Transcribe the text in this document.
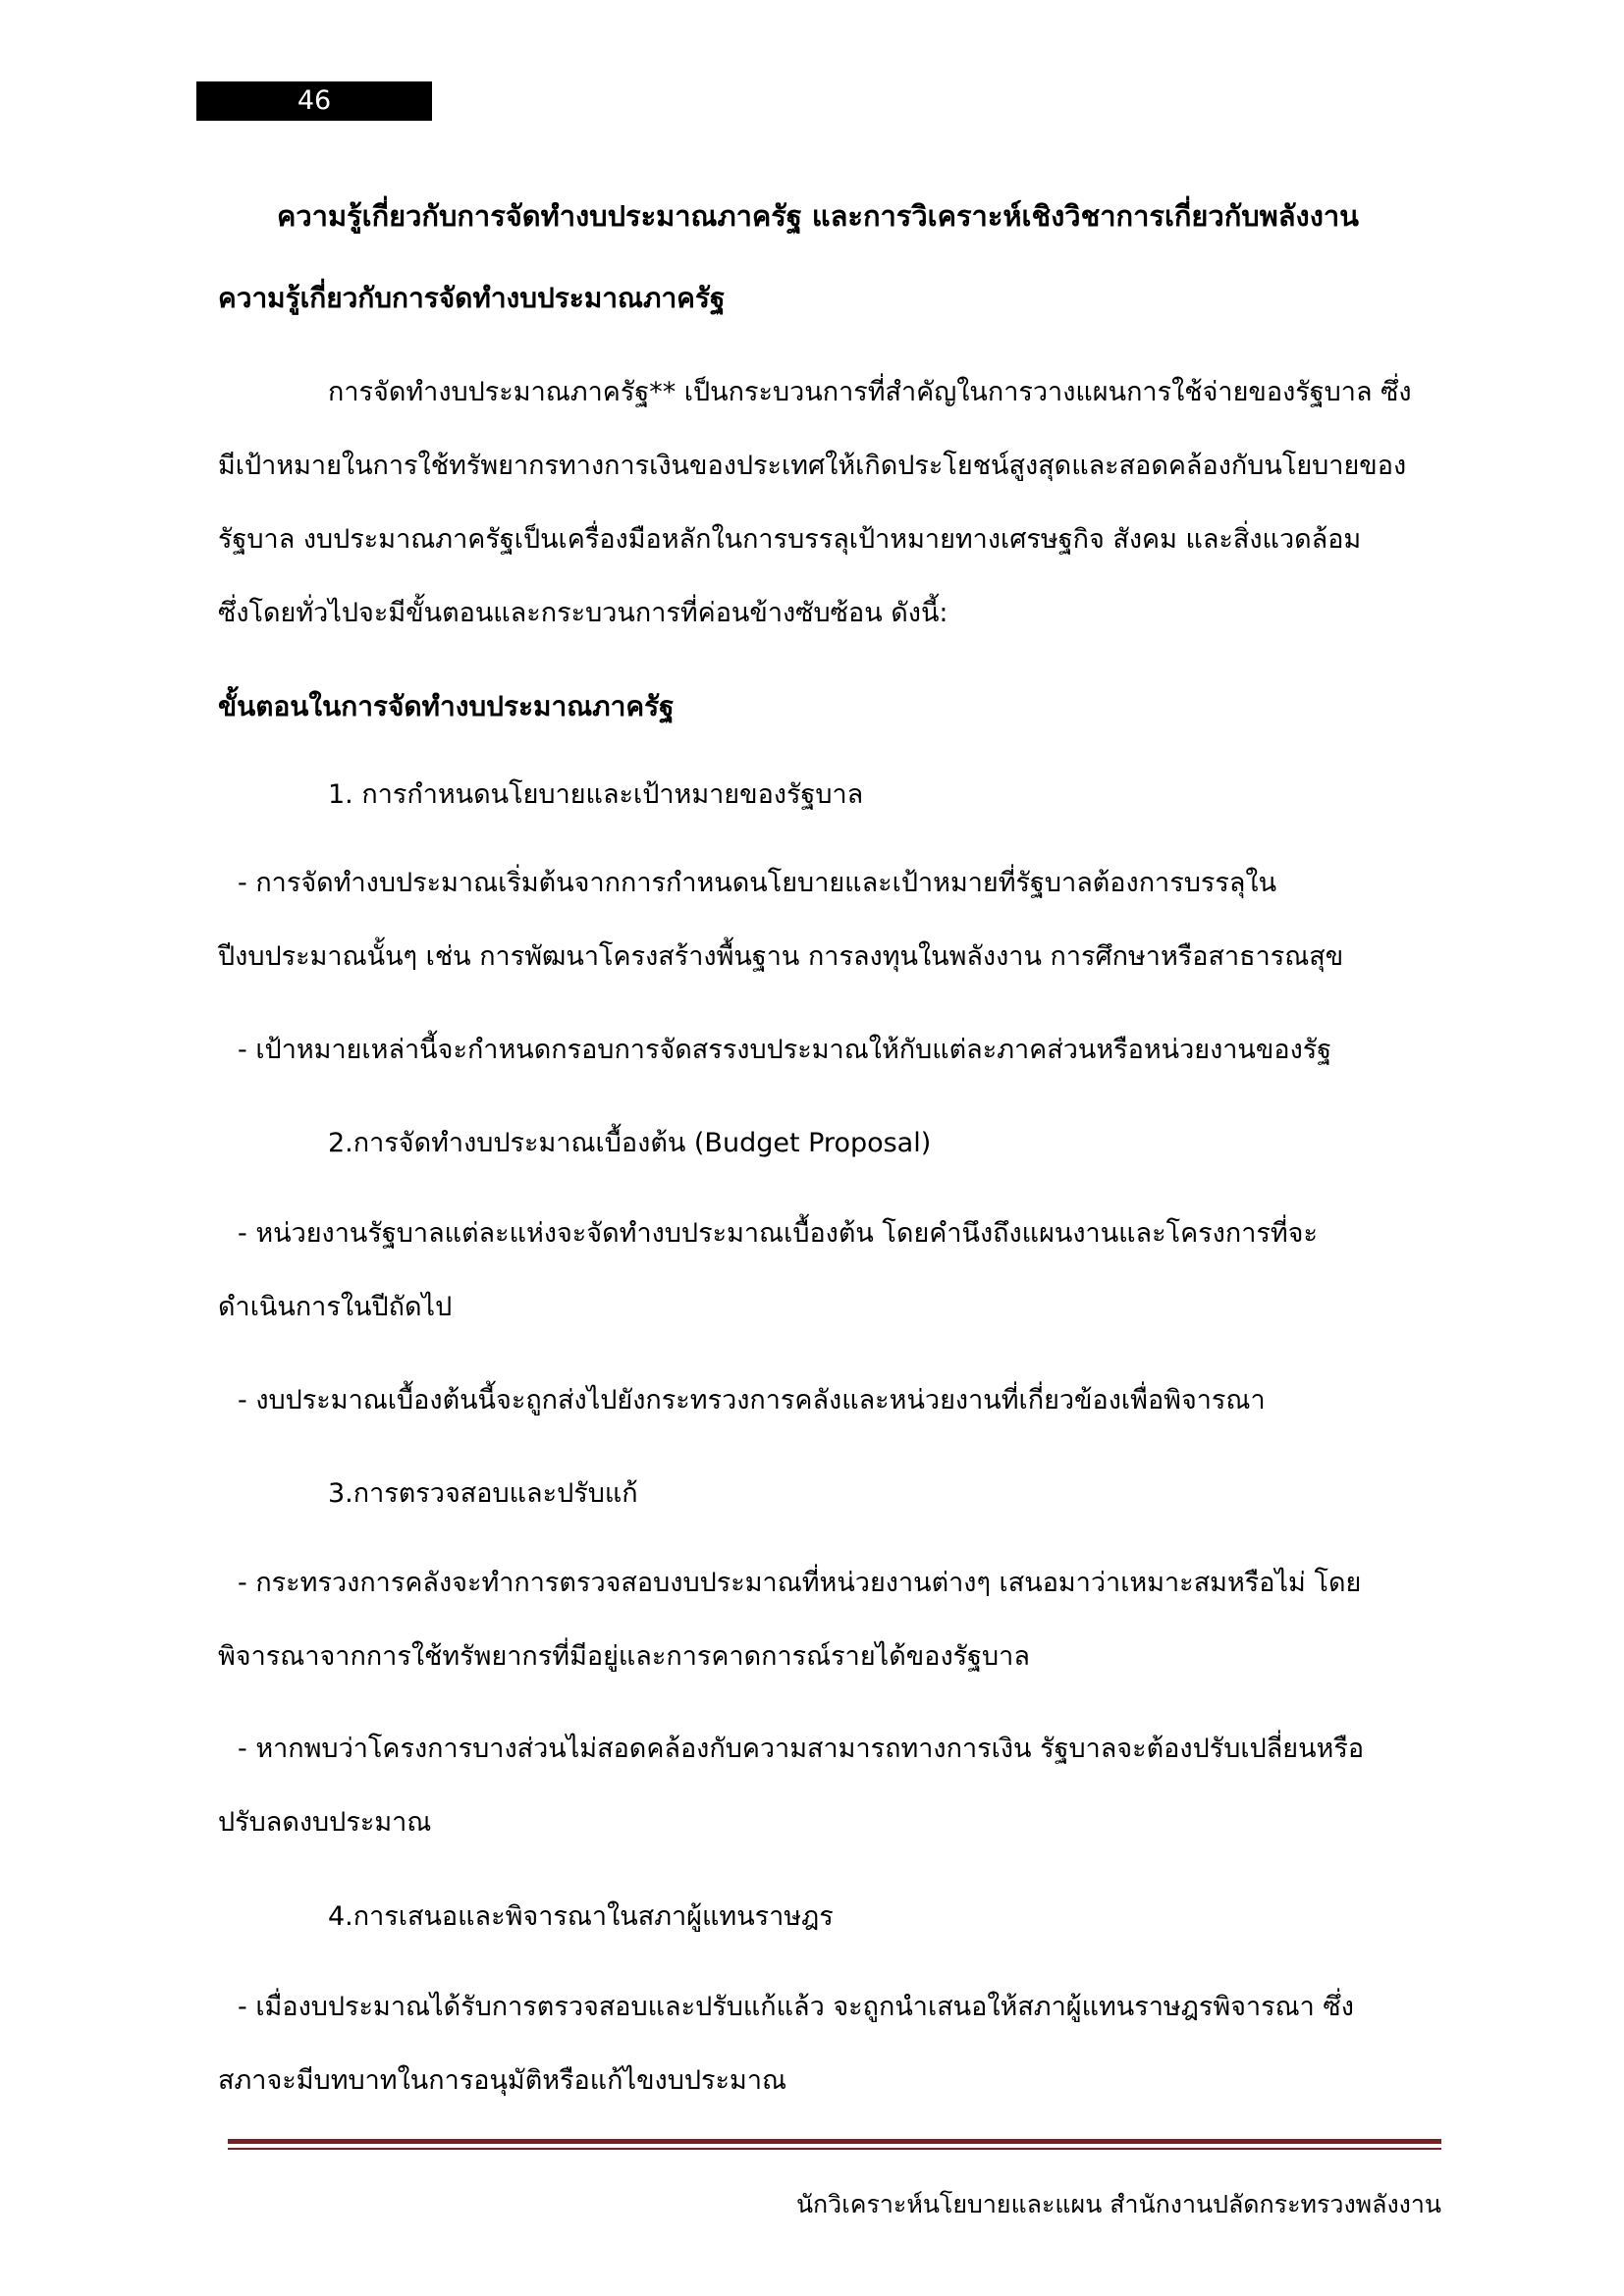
46
ความรู้เกี่ยวกับการจัดทำงบประมาณภาครัฐ และการวิเคราะห์เชิงวิชาการเกี่ยวกับพลังงาน
ความรู้เกี่ยวกับการจัดทำงบประมาณภาครัฐ
การจัดทำงบประมาณภาครัฐ** เป็นกระบวนการที่สำคัญในการวางแผนการใช้จ่ายของรัฐบาล ซึ่ง
มีเป้าหมายในการใช้ทรัพยากรทางการเงินของประเทศให้เกิดประโยชน์สูงสุดและสอดคล้องกับนโยบายของ
รัฐบาล งบประมาณภาครัฐเป็นเครื่องมือหลักในการบรรลุเป้าหมายทางเศรษฐกิจ สังคม และสิ่งแวดล้อม
ซึ่งโดยทั่วไปจะมีขั้นตอนและกระบวนการที่ค่อนข้างซับซ้อน ดังนี้:
ขั้นตอนในการจัดทำงบประมาณภาครัฐ
1. การกำหนดนโยบายและเป้าหมายของรัฐบาล
- การจัดทำงบประมาณเริ่มต้นจากการกำหนดนโยบายและเป้าหมายที่รัฐบาลต้องการบรรลุใน
ปีงบประมาณนั้นๆ เช่น การพัฒนาโครงสร้างพื้นฐาน การลงทุนในพลังงาน การศึกษาหรือสาธารณสุข
- เป้าหมายเหล่านี้จะกำหนดกรอบการจัดสรรงบประมาณให้กับแต่ละภาคส่วนหรือหน่วยงานของรัฐ
2.การจัดทำงบประมาณเบื้องต้น (Budget Proposal)
- หน่วยงานรัฐบาลแต่ละแห่งจะจัดทำงบประมาณเบื้องต้น โดยคำนึงถึงแผนงานและโครงการที่จะ
ดำเนินการในปีถัดไป
- งบประมาณเบื้องต้นนี้จะถูกส่งไปยังกระทรวงการคลังและหน่วยงานที่เกี่ยวข้องเพื่อพิจารณา
3.การตรวจสอบและปรับแก้
- กระทรวงการคลังจะทำการตรวจสอบงบประมาณที่หน่วยงานต่างๆ เสนอมาว่าเหมาะสมหรือไม่ โดย
พิจารณาจากการใช้ทรัพยากรที่มีอยู่และการคาดการณ์รายได้ของรัฐบาล
- หากพบว่าโครงการบางส่วนไม่สอดคล้องกับความสามารถทางการเงิน รัฐบาลจะต้องปรับเปลี่ยนหรือ
ปรับลดงบประมาณ
4.การเสนอและพิจารณาในสภาผู้แทนราษฎร
- เมื่องบประมาณได้รับการตรวจสอบและปรับแก้แล้ว จะถูกนำเสนอให้สภาผู้แทนราษฎรพิจารณา ซึ่ง
สภาจะมีบทบาทในการอนุมัติหรือแก้ไขงบประมาณ
นักวิเคราะห์นโยบายและแผน สำนักงานปลัดกระทรวงพลังงาน
